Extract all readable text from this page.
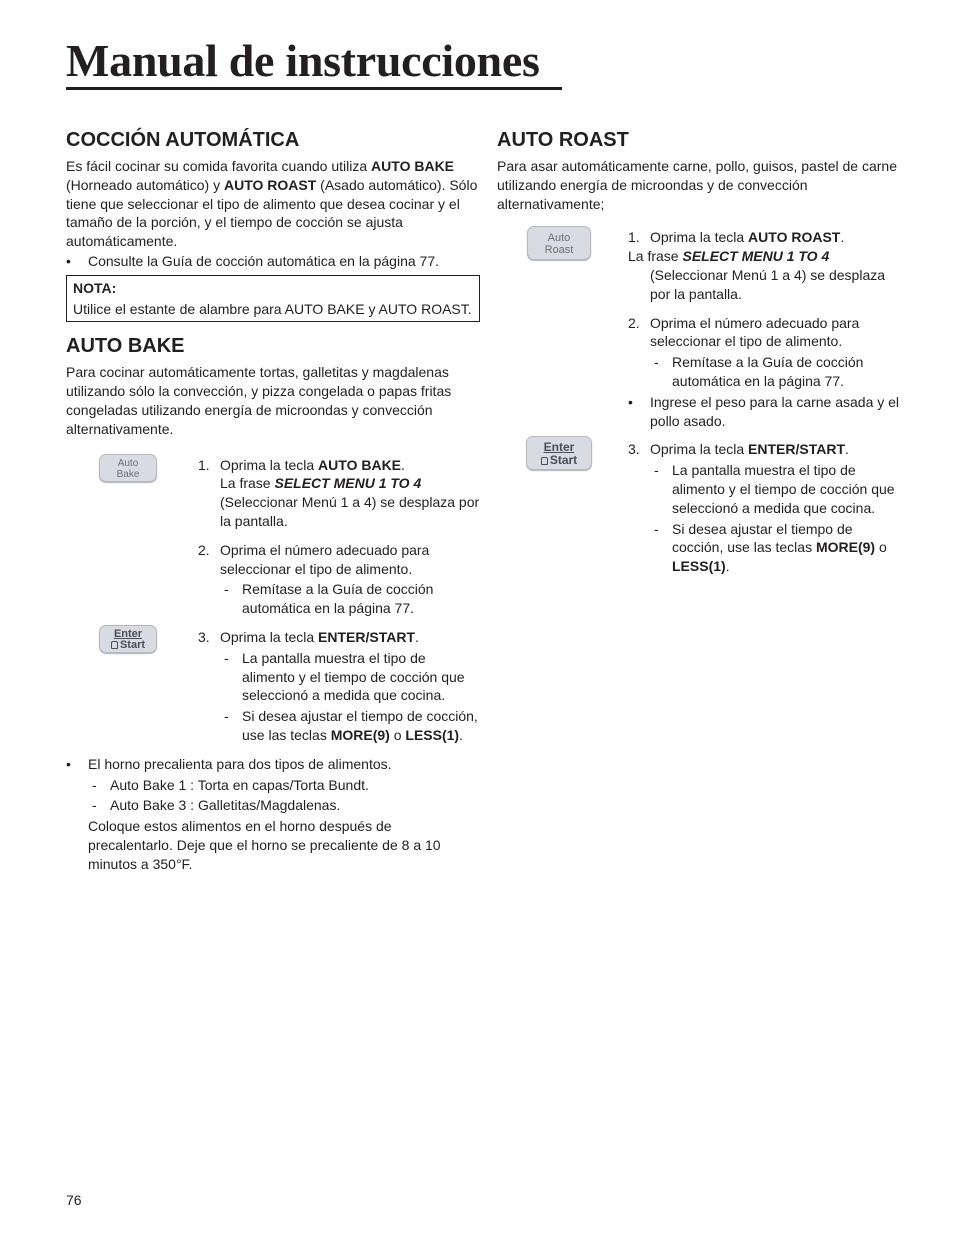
Manual de instrucciones
COCCIÓN AUTOMÁTICA

Es fácil cocinar su comida favorita cuando utiliza AUTO BAKE (Horneado automático) y AUTO ROAST (Asado automático). Sólo tiene que seleccionar el tipo de alimento que desea cocinar y el tamaño de la porción, y el tiempo de cocción se ajusta automáticamente.

• Consulte la Guía de cocción automática en la página 77.

NOTA:
Utilice el estante de alambre para AUTO BAKE y AUTO ROAST.
AUTO BAKE

Para cocinar automáticamente tortas, galletitas y magdalenas utilizando sólo la convección, y pizza congelada o papas fritas congeladas utilizando energía de microondas y convección alternativamente.

Auto
Bake
1. Oprima la tecla AUTO BAKE.
La frase SELECT MENU 1 TO 4
(Seleccionar Menú 1 a 4) se desplaza por la pantalla.
2. Oprima el número adecuado para seleccionar el tipo de alimento.
- Remítase a la Guía de cocción automática en la página 77.
Enter
Start	3. Oprima la tecla ENTER/START.
- La pantalla muestra el tipo de alimento y el tiempo de cocción que seleccionó a medida que cocina.
- Si desea ajustar el tiempo de cocción, use las teclas MORE(9) o LESS(1).

• El horno precalienta para dos tipos de alimentos.

- Auto Bake 1 : Torta en capas/Torta Bundt.
- Auto Bake 3 : Galletitas/Magdalenas.

Coloque estos alimentos en el horno después de precalentarlo. Deje que el horno se precaliente de 8 a 10 minutos a 350°F.

AUTO ROAST

Para asar automáticamente carne, pollo, guisos, pastel de carne utilizando energía de microondas y de convección alternativamente;

Auto
Roast
1. Oprima la tecla AUTO ROAST.
La frase SELECT MENU 1 TO 4
(Seleccionar Menú 1 a 4) se desplaza por la pantalla.
2. Oprima el número adecuado para seleccionar el tipo de alimento.
- Remítase a la Guía de cocción automática en la página 77.

• Ingrese el peso para la carne asada y el pollo asado.

Enter
Start
3. Oprima la tecla ENTER/START.
- La pantalla muestra el tipo de alimento y el tiempo de cocción que seleccionó a medida que cocina.
- Si desea ajustar el tiempo de cocción, use las teclas MORE(9) o LESS(1).
76
